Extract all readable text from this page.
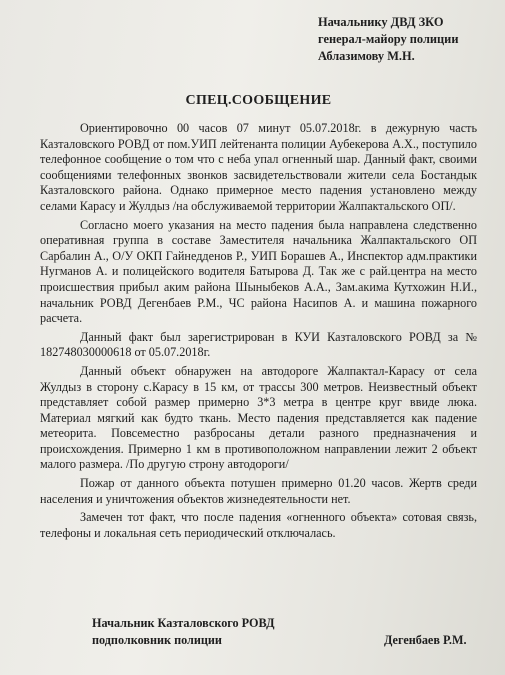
Начальнику ДВД ЗКО
генерал-майору полиции
Аблазимову М.Н.
СПЕЦ.СООБЩЕНИЕ

Ориентировочно 00 часов 07 минут 05.07.2018г. в дежурную часть Казталовского РОВД от пом.УИП лейтенанта полиции Аубекерова А.Х., поступило телефонное сообщение о том что с неба упал огненный шар. Данный факт, своими сообщениями телефонных звонков засвидетельствовали жители села Бостандык Казталовского района. Однако примерное место падения установлено между селами Карасу и Жулдыз /на обслуживаемой территории Жалпактальского ОП/.

Согласно моего указания на место падения была направлена следственно оперативная группа в составе Заместителя начальника Жалпактальского ОП Сарбалин А., О/У ОКП Гайнедденов Р., УИП Борашев А., Инспектор адм.практики Нугманов А. и полицейского водителя Батырова Д. Так же с рай.центра на место происшествия прибыл аким района Шыныбеков А.А., Зам.акима Кутхожин Н.И., начальник РОВД Дегенбаев Р.М., ЧС района Насипов А. и машина пожарного расчета.

Данный факт был зарегистрирован в КУИ Казталовского РОВД за № 182748030000618 от 05.07.2018г.

Данный объект обнаружен на автодороге Жалпактал-Карасу от села Жулдыз в сторону с.Карасу в 15 км, от трассы 300 метров. Неизвестный объект представляет собой размер примерно 3*3 метра в центре круг ввиде люка. Материал мягкий как будто ткань. Место падения представляется как падение метеорита. Повсеместно разбросаны детали разного предназначения и происхождения. Примерно 1 км в противоположном направлении лежит 2 объект малого размера. /По другую строну автодороги/

Пожар от данного объекта потушен примерно 01.20 часов. Жертв среди населения и уничтожения объектов жизнедеятельности нет.

Замечен тот факт, что после падения «огненного объекта» сотовая связь, телефоны и локальная сеть периодический отключалась.

Начальник Казталовского РОВД
подполковник полиции	Дегенбаев Р.М.
